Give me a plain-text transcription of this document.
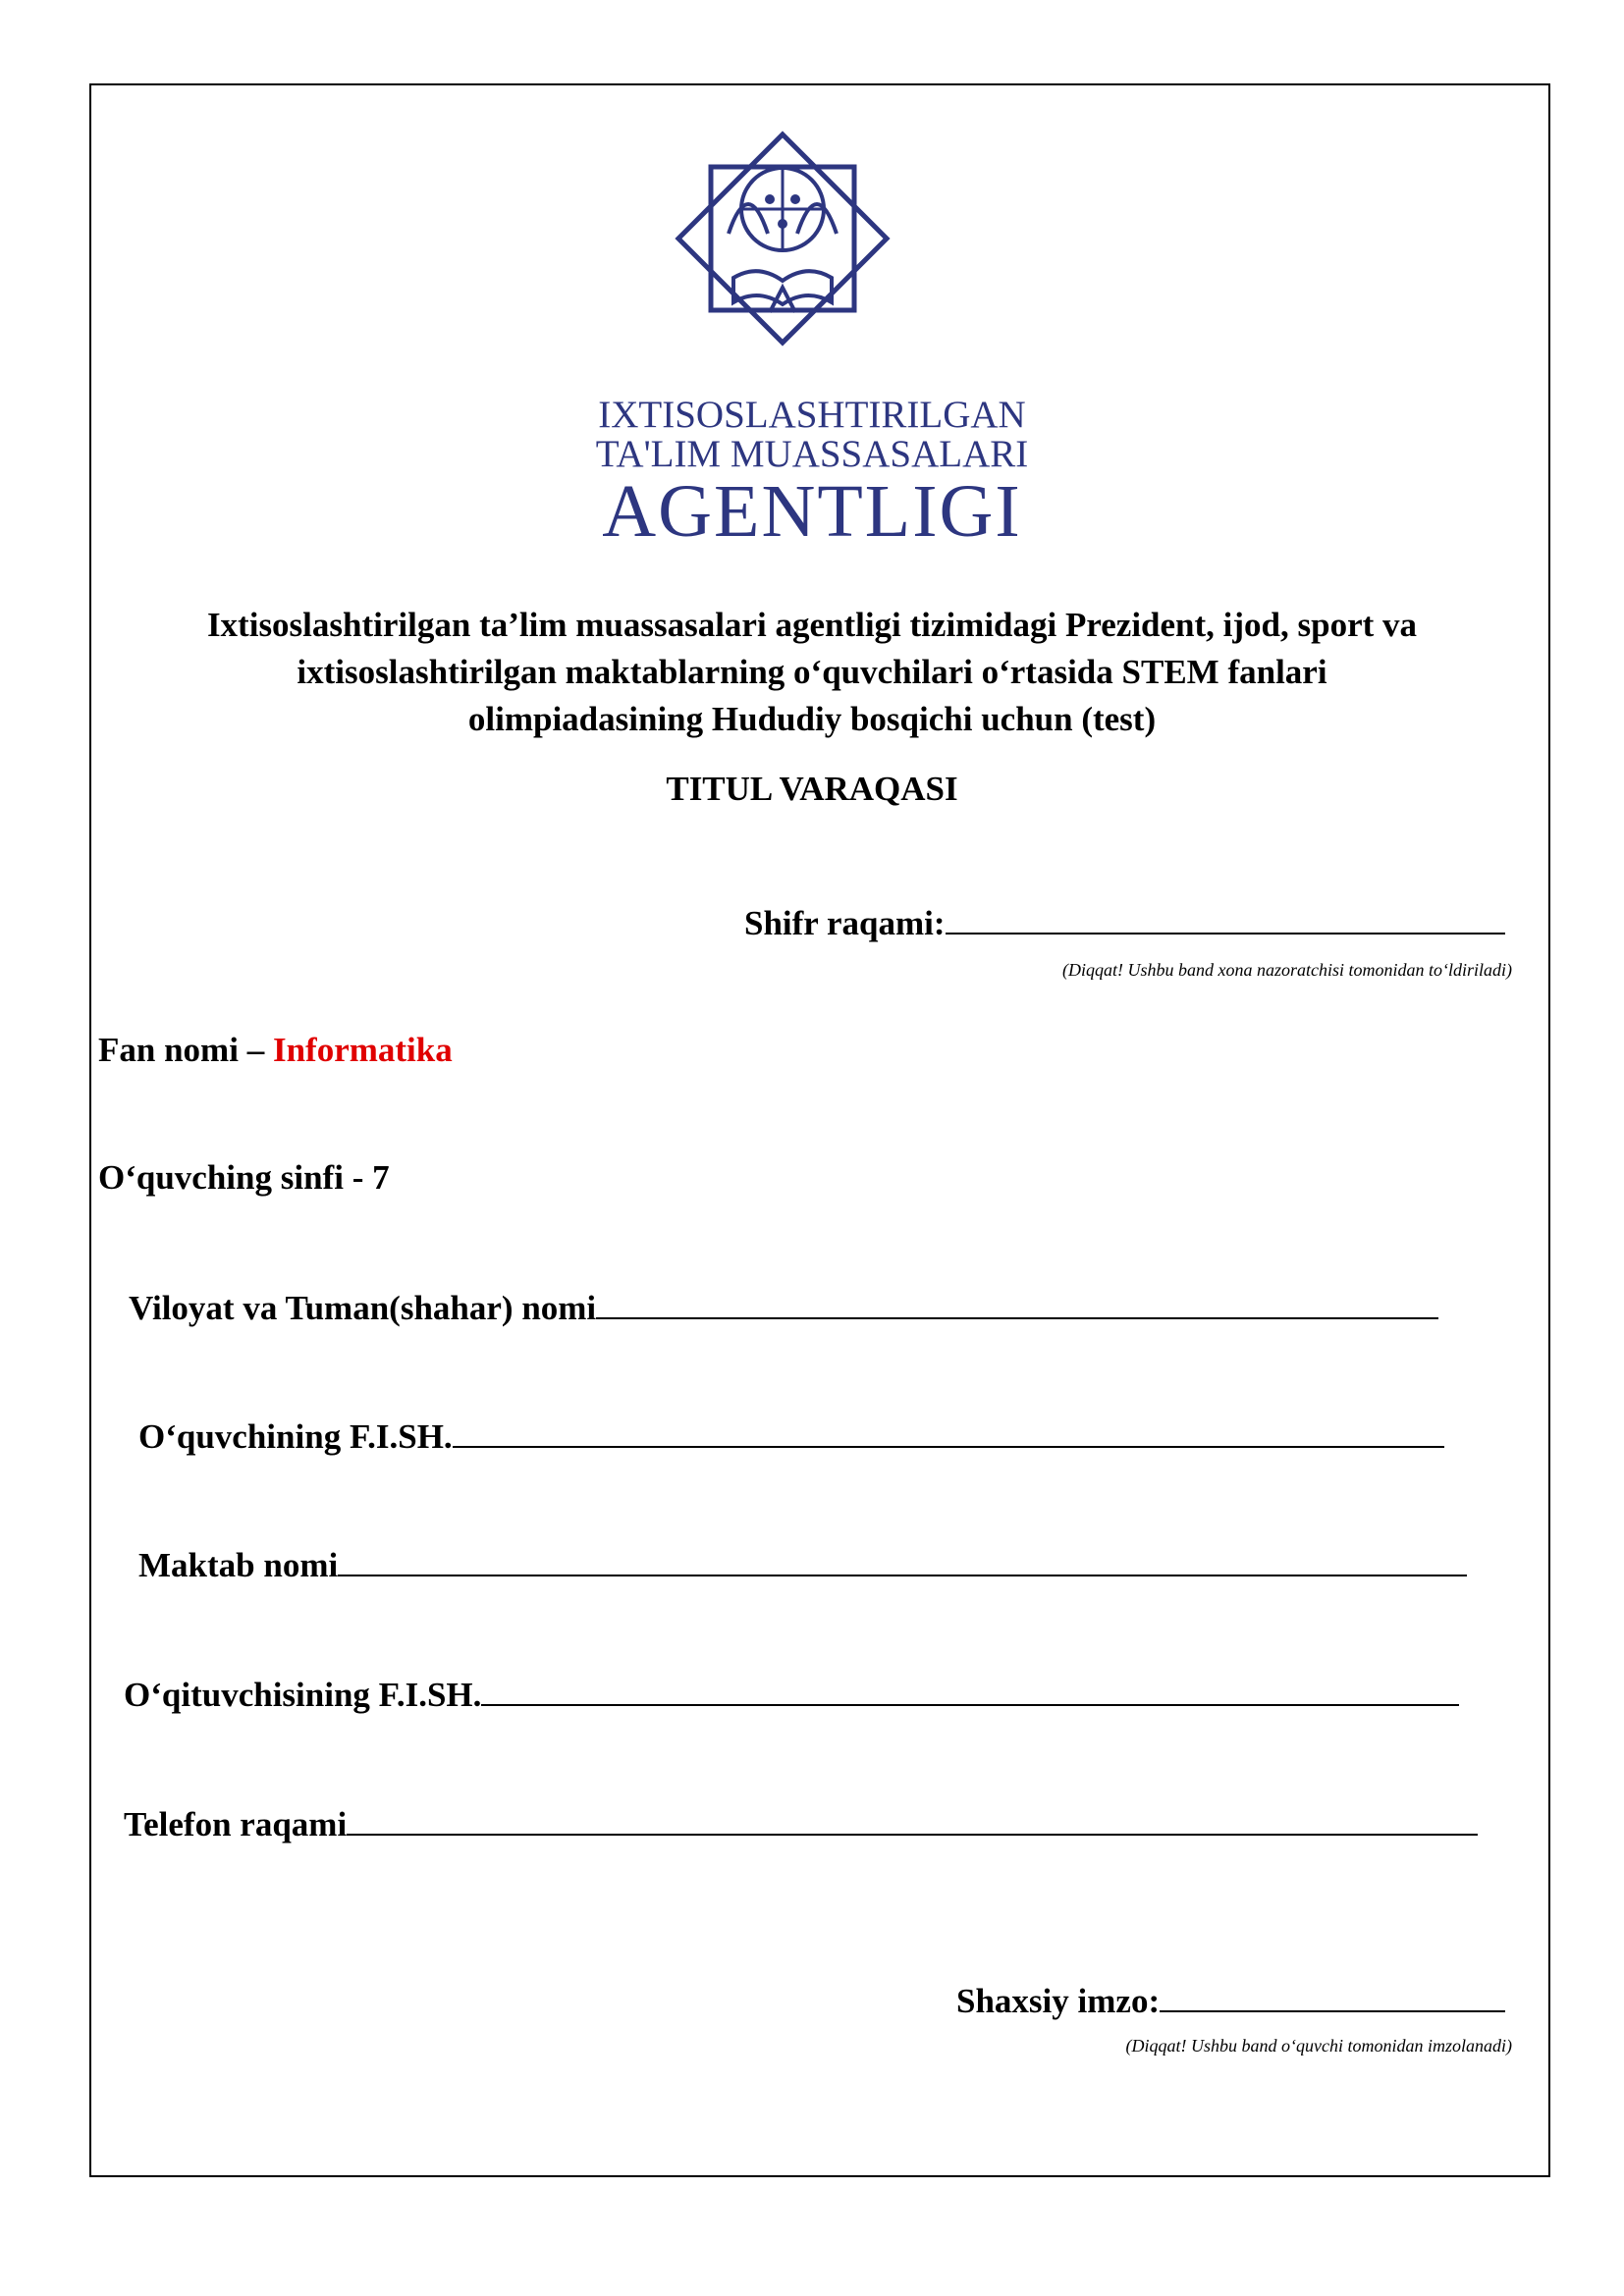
IXTISOSLASHTIRILGAN
TA'LIM MUASSASALARI
AGENTLIGI
Ixtisoslashtirilgan ta’lim muassasalari agentligi tizimidagi Prezident, ijod, sport va
ixtisoslashtirilgan maktablarning o‘quvchilari o‘rtasida STEM fanlari
olimpiadasining Hududiy bosqichi uchun (test)
TITUL VARAQASI
Shifr raqami:
(Diqqat! Ushbu band xona nazoratchisi tomonidan to‘ldiriladi)
Fan nomi – Informatika
O‘quvching sinfi - 7
Viloyat va Tuman(shahar) nomi
O‘quvchining F.I.SH.
Maktab nomi
O‘qituvchisining F.I.SH.
Telefon raqami
Shaxsiy imzo:
(Diqqat! Ushbu band o‘quvchi tomonidan imzolanadi)
